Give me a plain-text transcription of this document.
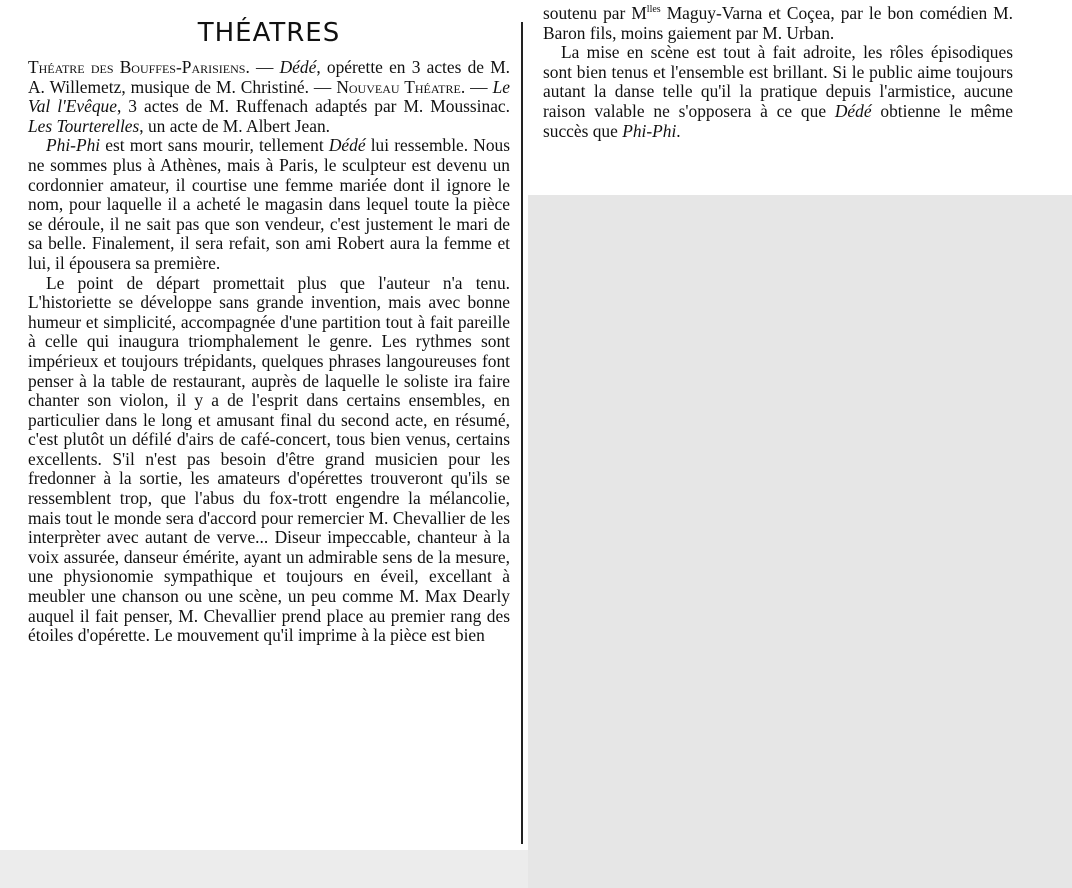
THÉATRES

Théatre des Bouffes-Parisiens. — Dédé, opérette en 3 actes de M. A. Willemetz, musique de M. Christiné. — Nouveau Théatre. — Le Val l'Evêque, 3 actes de M. Ruffenach adaptés par M. Moussinac. Les Tourterelles, un acte de M. Albert Jean.

Phi-Phi est mort sans mourir, tellement Dédé lui ressemble. Nous ne sommes plus à Athènes, mais à Paris, le sculpteur est devenu un cordonnier amateur, il courtise une femme mariée dont il ignore le nom, pour laquelle il a acheté le magasin dans lequel toute la pièce se déroule, il ne sait pas que son vendeur, c'est justement le mari de sa belle. Finalement, il sera refait, son ami Robert aura la femme et lui, il épousera sa première.

Le point de départ promettait plus que l'auteur n'a tenu. L'historiette se développe sans grande invention, mais avec bonne humeur et simplicité, accompagnée d'une partition tout à fait pareille à celle qui inaugura triomphalement le genre. Les rythmes sont impérieux et toujours trépidants, quelques phrases langoureuses font penser à la table de restaurant, auprès de laquelle le soliste ira faire chanter son violon, il y a de l'esprit dans certains ensembles, en particulier dans le long et amusant final du second acte, en résumé, c'est plutôt un défilé d'airs de café-concert, tous bien venus, certains excellents. S'il n'est pas besoin d'être grand musicien pour les fredonner à la sortie, les amateurs d'opérettes trouveront qu'ils se ressemblent trop, que l'abus du fox-trott engendre la mélancolie, mais tout le monde sera d'accord pour remercier M. Chevallier de les interprèter avec autant de verve... Diseur impeccable, chanteur à la voix assurée, danseur émérite, ayant un admirable sens de la mesure, une physionomie sympathique et toujours en éveil, excellant à meubler une chanson ou une scène, un peu comme M. Max Dearly auquel il fait penser, M. Chevallier prend place au premier rang des étoiles d'opérette. Le mouvement qu'il imprime à la pièce est bien

soutenu par $M^{lles}$ Maguy-Varna et Coçea, par le bon comédien M. Baron fils, moins gaiement par M. Urban.

La mise en scène est tout à fait adroite, les rôles épisodiques sont bien tenus et l'ensemble est brillant. Si le public aime toujours autant la danse telle qu'il la pratique depuis l'armistice, aucune raison valable ne s'opposera à ce que Dédé obtienne le même succès que Phi-Phi.
